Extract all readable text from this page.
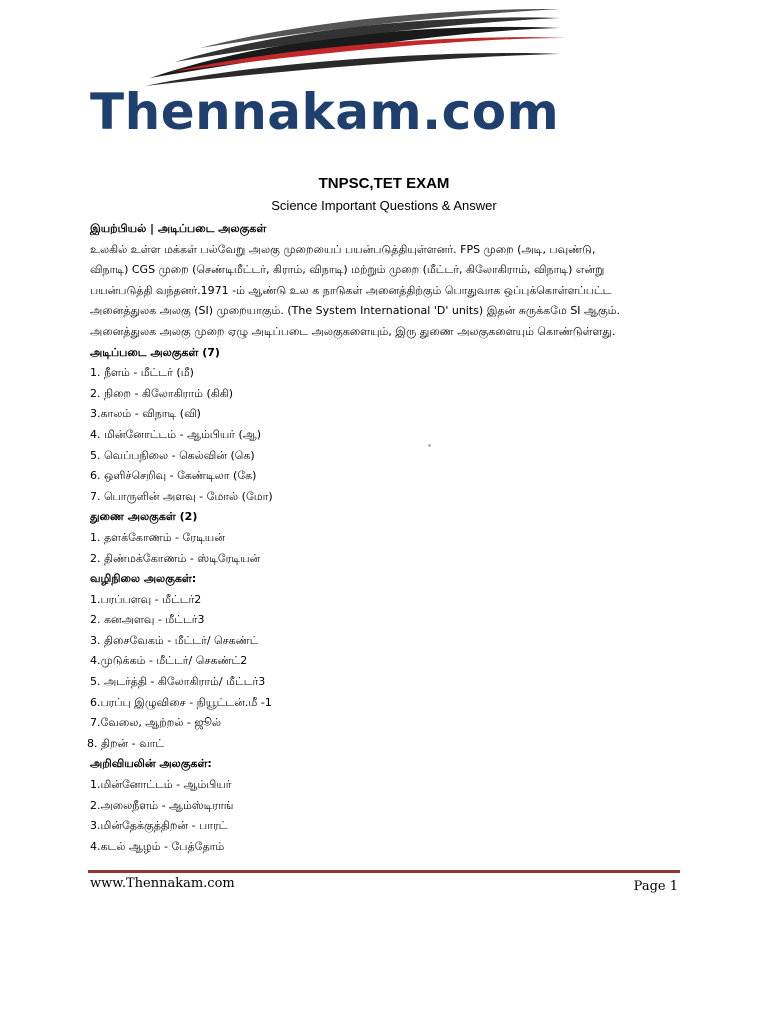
Thennakam.com
TNPSC,TET EXAM
Science Important Questions & Answer
இயற்பியல் | அடிப்படை அலகுகள்
உலகில் உள்ள மக்கள் பல்வேறு அலகு முறையைப் பயன்படுத்தியுள்ளனர். FPS முறை (அடி, பவுண்டு,
விநாடி) CGS முறை (செண்டிமீட்டர், கிராம், விநாடி) மற்றும் முறை (மீட்டர், கிலோகிராம், விநாடி) என்று
பயன்படுத்தி வந்தனர்.1971 -ம் ஆண்டு உல க நாடுகள் அனைத்திற்கும் பொதுவாக ஒப்புக்கொள்ளப்பட்ட
அனைத்துலக அலகு (SI) முறையாகும். (The System International 'D' units) இதன் சுருக்கமே SI ஆகும்.
அனைத்துலக அலகு முறை ஏழு அடிப்படை அலகுகளையும், இரு துணை அலகுகளையும் கொண்டுள்ளது.
அடிப்படை அலகுகள் (7)
1. நீளம் - மீட்டர் (மீ)
2. நிறை - கிலோகிராம் (கிகி)
3.காலம் - விநாடி (வி)
4. மின்னோட்டம் - ஆம்பியர் (ஆ)
5. வெப்பநிலை - கெல்வின் (கெ)
6. ஒளிச்செறிவு - கேண்டிலா (கே)
7. பொருளின் அளவு - மோல் (மோ)
துணை அலகுகள் (2)
1. தளக்கோணம் - ரேடியன்
2. திண்மக்கோணம் - ஸ்டிரேடியன்
வழிநிலை அலகுகள்:
1.பரப்பளவு - மீட்டர்2
2. கனஅளவு - மீட்டர்3
3. திசைவேகம் - மீட்டர்/ செகண்ட்
4.முடுக்கம் - மீட்டர்/ செகண்ட்2
5. அடர்த்தி - கிலோகிராம்/ மீட்டர்3
6.பரப்பு இழுவிசை - நியூட்டன்.மீ -1
7.வேலை, ஆற்றல் - ஜூல்
8. திறன் - வாட்
அறிவியலின் அலகுகள்:
1.மின்னோட்டம் - ஆம்பியர்
2.அலைநீளம் - ஆம்ஸ்டிராங்
3.மின்தேக்குத்திறன் - பாரட்
4.கடல் ஆழம் - பேத்தோம்
www.Thennakam.com	Page 1
